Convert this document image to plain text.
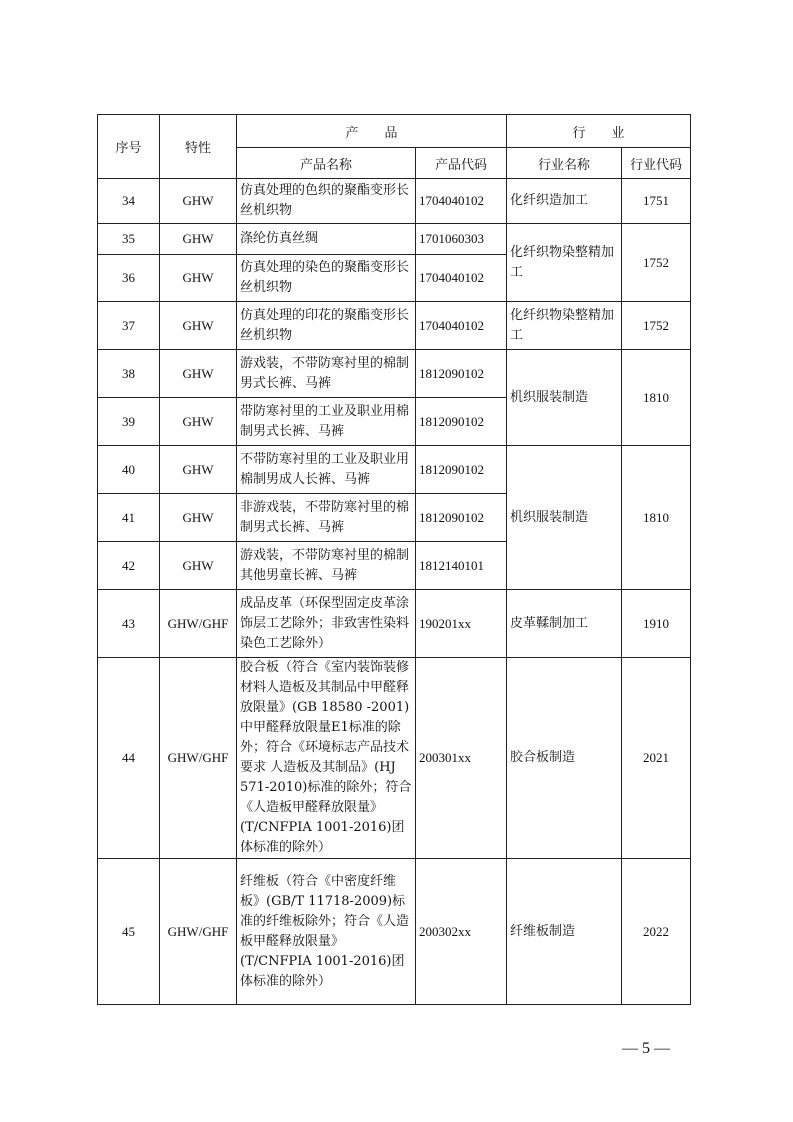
序号	特性	产　　品		行　　业	
		产品名称	产品代码	行业名称	行业代码
34	GHW	仿真处理的色织的聚酯变形长丝机织物	1704040102	化纤织造加工	1751
35	GHW	涤纶仿真丝绸	1701060303	化纤织物染整精加工	1752
36	GHW	仿真处理的染色的聚酯变形长丝机织物	1704040102		
37	GHW	仿真处理的印花的聚酯变形长丝机织物	1704040102	化纤织物染整精加工	1752
38	GHW	游戏装，不带防寒衬里的棉制男式长裤、马裤	1812090102	机织服装制造	1810
39	GHW	带防寒衬里的工业及职业用棉制男式长裤、马裤	1812090102		
40	GHW	不带防寒衬里的工业及职业用棉制男成人长裤、马裤	1812090102	机织服装制造	1810
41	GHW	非游戏装，不带防寒衬里的棉制男式长裤、马裤	1812090102		
42	GHW	游戏装，不带防寒衬里的棉制其他男童长裤、马裤	1812140101		
43	GHW/GHF	成品皮革（环保型固定皮革涂饰层工艺除外；非致害性染料染色工艺除外）	190201xx	皮革鞣制加工	1910
44	GHW/GHF	胶合板（符合《室内装饰装修材料人造板及其制品中甲醛释放限量》(GB 18580 -2001)中甲醛释放限量E1标准的除外；符合《环境标志产品技术要求 人造板及其制品》(HJ 571-2010)标准的除外；符合《人造板甲醛释放限量》(T/CNFPIA 1001-2016)团体标准的除外）	200301xx	胶合板制造	2021
45	GHW/GHF	纤维板（符合《中密度纤维板》(GB/T 11718-2009)标准的纤维板除外；符合《人造板甲醛释放限量》(T/CNFPIA 1001-2016)团体标准的除外）	200302xx	纤维板制造	2022
— 5 —
